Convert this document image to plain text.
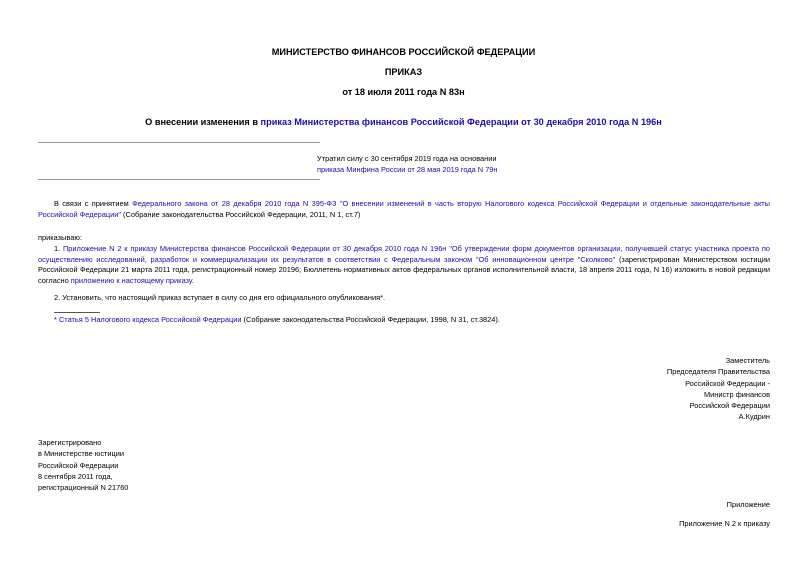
МИНИСТЕРСТВО ФИНАНСОВ РОССИЙСКОЙ ФЕДЕРАЦИИ
ПРИКАЗ
от 18 июля 2011 года N 83н
О внесении изменения в приказ Министерства финансов Российской Федерации от 30 декабря 2010 года N 196н
Утратил силу с 30 сентября 2019 года на основании
приказа Минфина России от 28 мая 2019 года N 79н
В связи с принятием Федерального закона от 28 декабря 2010 года N 395-ФЗ "О внесении изменений в часть вторую Налогового кодекса Российской Федерации и отдельные законодательные акты Российской Федерации" (Собрание законодательства Российской Федерации, 2011, N 1, ст.7)
приказываю:
1. Приложение N 2 к приказу Министерства финансов Российской Федерации от 30 декабря 2010 года N 196н "Об утверждении форм документов организации, получившей статус участника проекта по осуществлению исследований, разработок и коммерциализации их результатов в соответствии с Федеральным законом "Об инновационном центре "Сколково" (зарегистрирован Министерством юстиции Российской Федерации 21 марта 2011 года, регистрационный номер 20196; Бюллетень нормативных актов федеральных органов исполнительной власти, 18 апреля 2011 года, N 16) изложить в новой редакции согласно приложению к настоящему приказу.
2. Установить, что настоящий приказ вступает в силу со дня его официального опубликования*.
* Статья 5 Налогового кодекса Российской Федерации (Собрание законодательства Российской Федерации, 1998, N 31, ст.3824).
Заместитель
Председателя Правительства
Российской Федерации -
Министр финансов
Российской Федерации
А.Кудрин
Зарегистрировано
в Министерстве юстиции
Российской Федерации
8 сентября 2011 года,
регистрационный N 21760
Приложение
Приложение N 2 к приказу
